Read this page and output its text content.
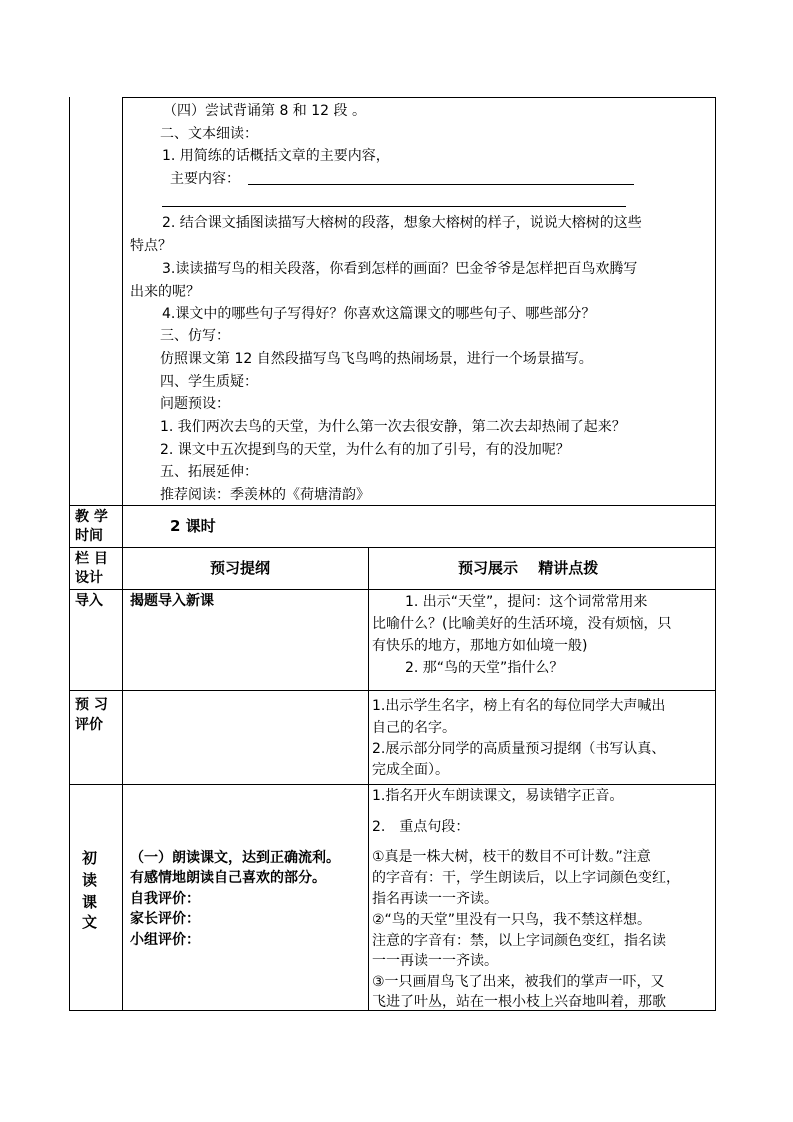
（四）尝试背诵第 8 和 12 段 。
二、文本细读：
1. 用简练的话概括文章的主要内容，
主要内容：
2. 结合课文插图读描写大榕树的段落，想象大榕树的样子，说说大榕树的这些
特点？
3.读读描写鸟的相关段落，你看到怎样的画面？巴金爷爷是怎样把百鸟欢腾写
出来的呢？
4.课文中的哪些句子写得好？你喜欢这篇课文的哪些句子、哪些部分？
三、仿写：
仿照课文第 12 自然段描写鸟飞鸟鸣的热闹场景，进行一个场景描写。
四、学生质疑：
问题预设：
1. 我们两次去鸟的天堂，为什么第一次去很安静，第二次去却热闹了起来？
2. 课文中五次提到鸟的天堂，为什么有的加了引号，有的没加呢？
五、拓展延伸：
推荐阅读：季羡林的《荷塘清韵》
教 学
时间
2 课时
栏 目
设计
预习提纲	预习展示　 精讲点拨
导入 揭题导入新课	1. 出示“天堂”，提问：这个词常常用来
比喻什么？(比喻美好的生活环境，没有烦恼，只
有快乐的地方，那地方如仙境一般)
2. 那“鸟的天堂”指什么？
预 习
评价
1.出示学生名字，榜上有名的每位同学大声喊出
自己的名字。
2.展示部分同学的高质量预习提纲（书写认真、
完成全面）。
初
读
课
文
（一）朗读课文，达到正确流利。
有感情地朗读自己喜欢的部分。
自我评价：
家长评价：
小组评价：
1.指名开火车朗读课文，易读错字正音。
2.　重点句段：
①真是一株大树，枝干的数目不可计数。”注意
的字音有：干，学生朗读后，以上字词颜色变红，
指名再读一一齐读。
②“鸟的天堂”里没有一只鸟，我不禁这样想。
注意的字音有：禁，以上字词颜色变红，指名读
一一再读一一齐读。
③一只画眉鸟飞了出来，被我们的掌声一吓，又
飞进了叶丛，站在一根小枝上兴奋地叫着，那歌
